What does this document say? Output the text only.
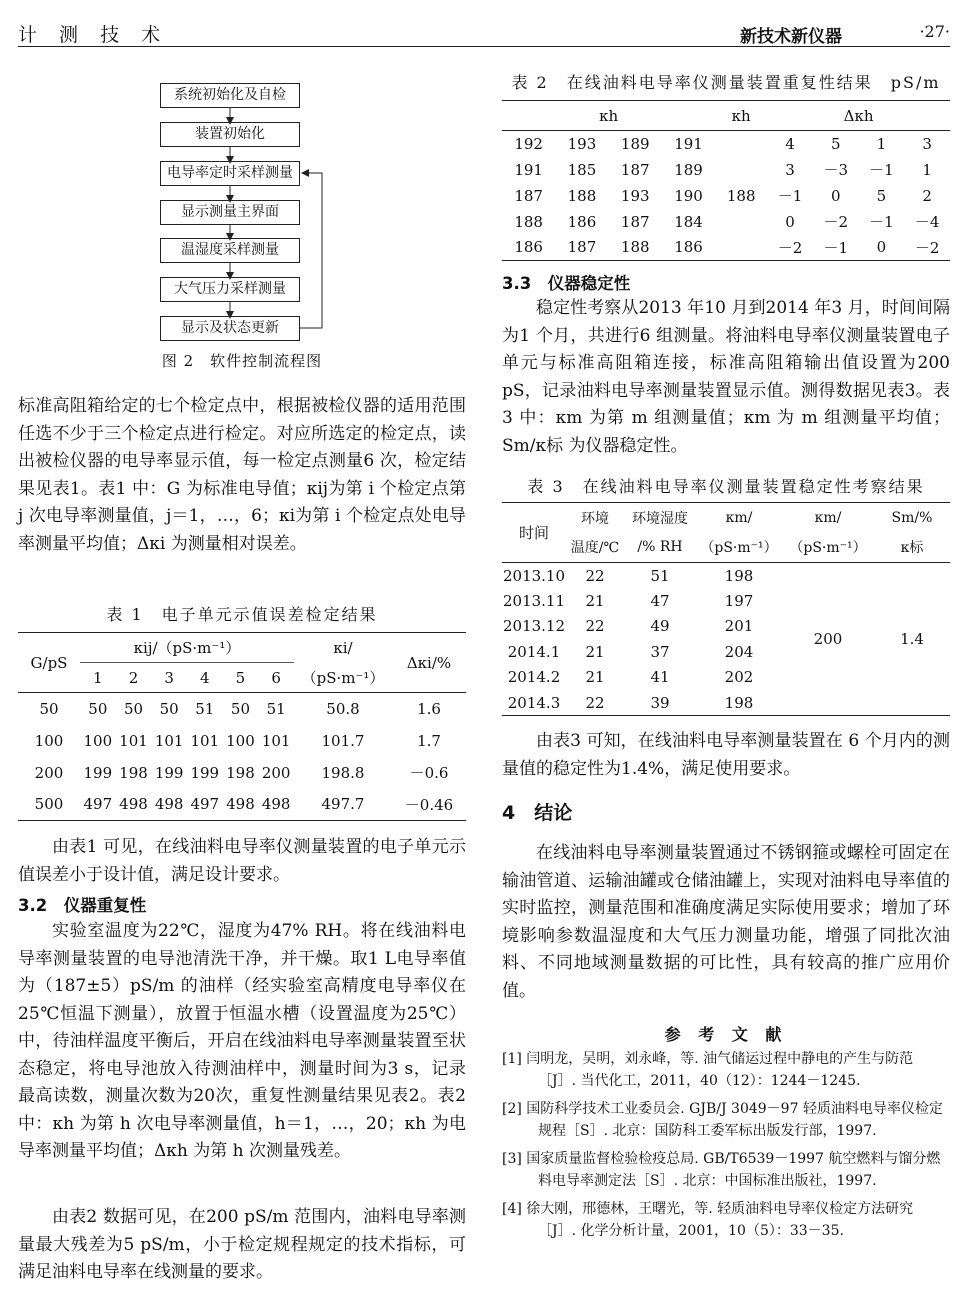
计 测 技 术	新技术新仪器	·27·
系统初始化及自检
装置初始化
电导率定时采样测量
显示测量主界面
温湿度采样测量
大气压力采样测量
显示及状态更新
图 2　软件控制流程图

标准高阻箱给定的七个检定点中，根据被检仪器的适用范围任选不少于三个检定点进行检定。对应所选定的检定点，读出被检仪器的电导率显示值，每一检定点测量6 次，检定结果见表1。表1 中：G 为标准电导值；κij为第 i 个检定点第 j 次电导率测量值，j＝1，…，6；κi为第 i 个检定点处电导率测量平均值；Δκi 为测量相对误差。

表 1　电子单元示值误差检定结果
G/pS	κij/（pS·m⁻¹）						κi/	Δκi/%
	1	2	3	4	5	6	（pS·m⁻¹）	
50	50	50	50	51	50	51	50.8	1.6
100	100	101	101	101	100	101	101.7	1.7
200	199	198	199	199	198	200	198.8	－0.6
500	497	498	498	497	498	498	497.7	－0.46

由表1 可见，在线油料电导率仪测量装置的电子单元示值误差小于设计值，满足设计要求。

3.2　仪器重复性

实验室温度为22℃，湿度为47% RH。将在线油料电导率测量装置的电导池清洗干净，并干燥。取1 L电导率值为（187±5）pS/m 的油样（经实验室高精度电导率仪在 25℃恒温下测量），放置于恒温水槽（设置温度为25℃）中，待油样温度平衡后，开启在线油料电导率测量装置至状态稳定，将电导池放入待测油样中，测量时间为3 s，记录最高读数，测量次数为20次，重复性测量结果见表2。表2 中：κh 为第 h 次电导率测量值，h＝1，…，20；κh 为电导率测量平均值；Δκh 为第 h 次测量残差。

由表2 数据可见，在200 pS/m 范围内，油料电导率测量最大残差为5 pS/m，小于检定规程规定的技术指标，可满足油料电导率在线测量的要求。

表 2　在线油料电导率仪测量装置重复性结果　pS/m
κh				κh	Δκh			
192	193	189	191	188	4	5	1	3
191	185	187	189		3	－3	－1	1
187	188	193	190		－1	0	5	2
188	186	187	184		0	－2	－1	－4
186	187	188	186		－2	－1	0	－2
3.3　仪器稳定性

稳定性考察从2013 年10 月到2014 年3 月，时间间隔为1 个月，共进行6 组测量。将油料电导率仪测量装置电子单元与标准高阻箱连接，标准高阻箱输出值设置为200 pS，记录油料电导率测量装置显示值。测得数据见表3。表3 中：κm 为第 m 组测量值；κm 为 m 组测量平均值；Sm/κ标 为仪器稳定性。

表 3　在线油料电导率仪测量装置稳定性考察结果
时间	环境	环境湿度	κm/	κm/	Sm/%
	温度/℃	/% RH	（pS·m⁻¹）	（pS·m⁻¹）	κ标
2013.10	22	51	198	200	1.4
2013.11	21	47	197		
2013.12	22	49	201		
2014.1	21	37	204		
2014.2	21	41	202		
2014.3	22	39	198		

由表3 可知，在线油料电导率测量装置在 6 个月内的测量值的稳定性为1.4%，满足使用要求。

4　结论

在线油料电导率测量装置通过不锈钢箍或螺栓可固定在输油管道、运输油罐或仓储油罐上，实现对油料电导率值的实时监控，测量范围和准确度满足实际使用要求；增加了环境影响参数温湿度和大气压力测量功能，增强了同批次油料、不同地域测量数据的可比性，具有较高的推广应用价值。

参 考 文 献

[1] 闫明龙，吴明，刘永峰，等. 油气储运过程中静电的产生与防范［J］. 当代化工，2011，40（12）：1244－1245.

[2] 国防科学技术工业委员会. GJB/J 3049－97 轻质油料电导率仪检定规程［S］. 北京：国防科工委军标出版发行部，1997.

[3] 国家质量监督检验检疫总局. GB/T6539－1997 航空燃料与馏分燃料电导率测定法［S］. 北京：中国标准出版社，1997.

[4] 徐大刚，邢德林，王曙光，等. 轻质油料电导率仪检定方法研究［J］. 化学分析计量，2001，10（5）：33－35.
